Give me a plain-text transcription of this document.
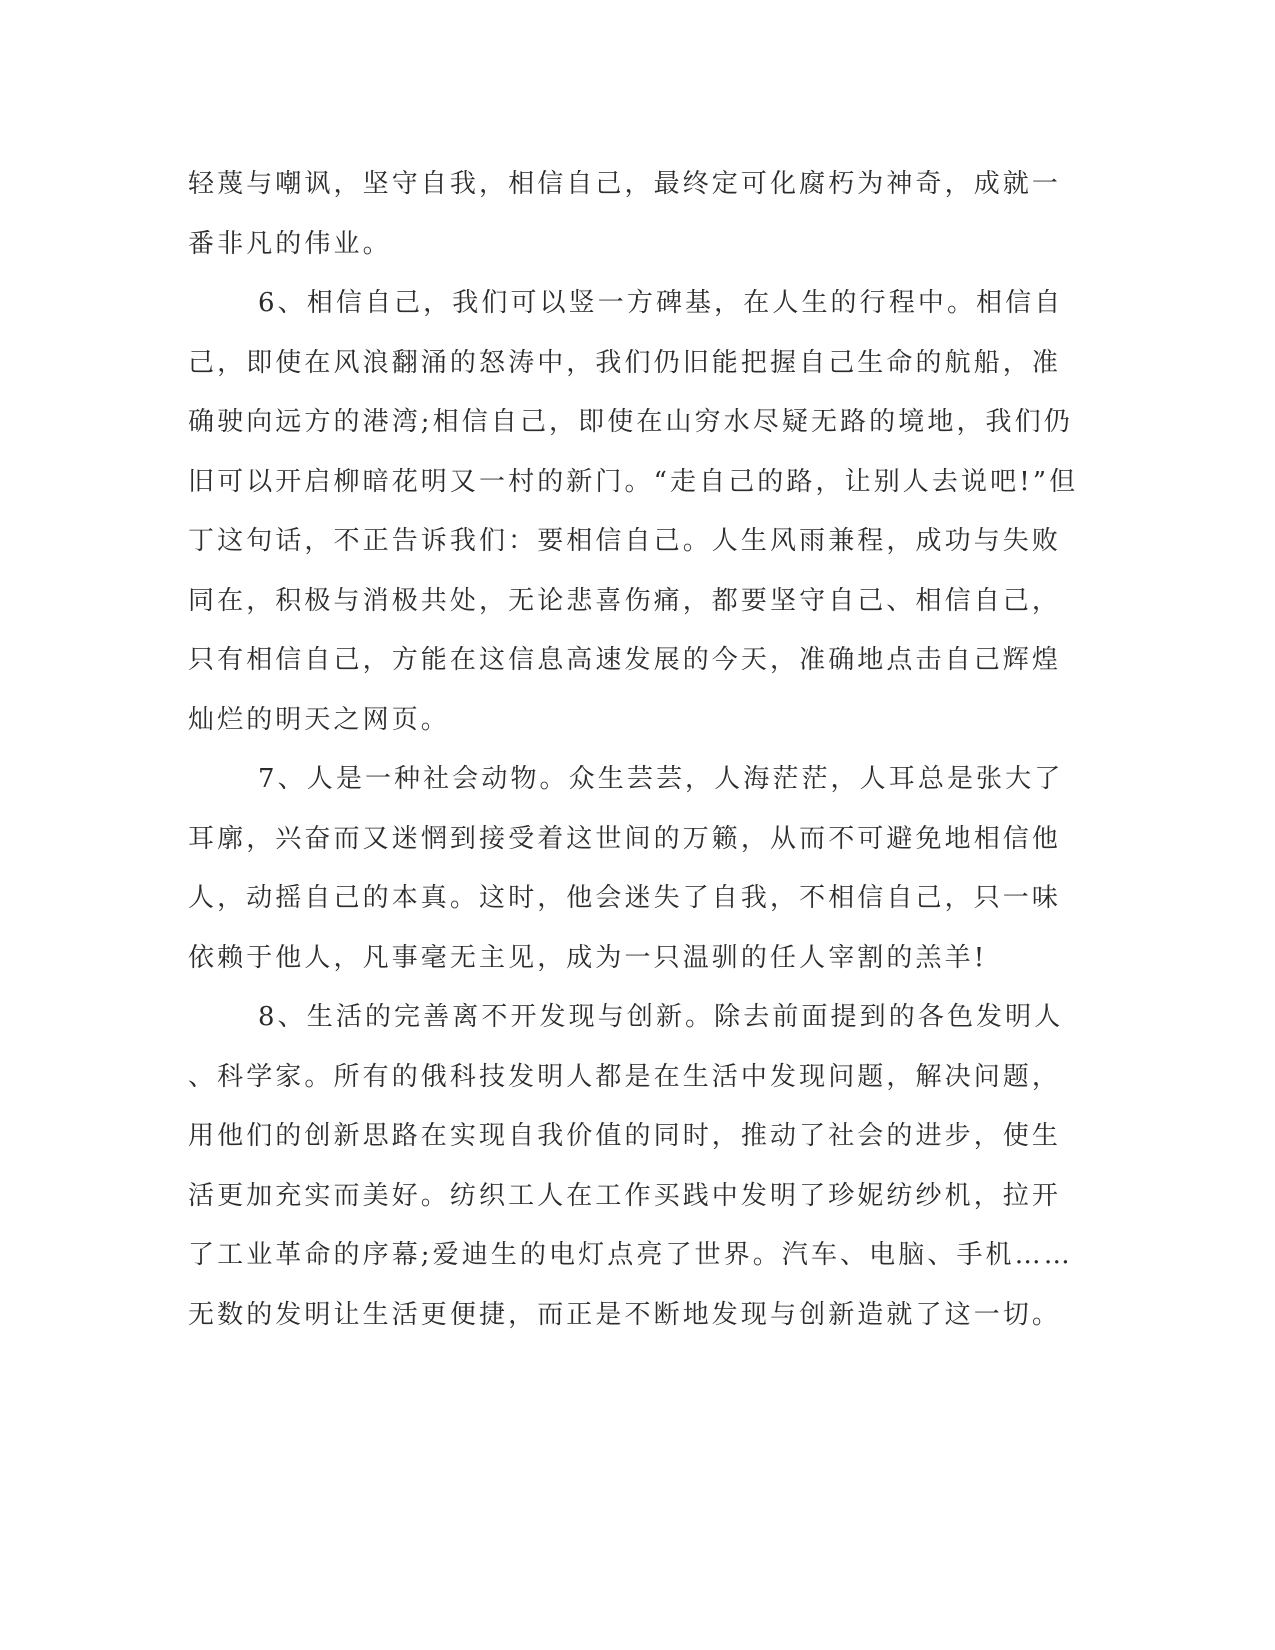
轻蔑与嘲讽，坚守自我，相信自己，最终定可化腐朽为神奇，成就一
番非凡的伟业。
6、相信自己，我们可以竖一方碑基，在人生的行程中。相信自
己，即使在风浪翻涌的怒涛中，我们仍旧能把握自己生命的航船，准
确驶向远方的港湾;相信自己，即使在山穷水尽疑无路的境地，我们仍
旧可以开启柳暗花明又一村的新门。“走自己的路，让别人去说吧!”但
丁这句话，不正告诉我们：要相信自己。人生风雨兼程，成功与失败
同在，积极与消极共处，无论悲喜伤痛，都要坚守自己、相信自己，
只有相信自己，方能在这信息高速发展的今天，准确地点击自己辉煌
灿烂的明天之网页。
7、人是一种社会动物。众生芸芸，人海茫茫，人耳总是张大了
耳廓，兴奋而又迷惘到接受着这世间的万籁，从而不可避免地相信他
人，动摇自己的本真。这时，他会迷失了自我，不相信自己，只一味
依赖于他人，凡事毫无主见，成为一只温驯的任人宰割的羔羊!
8、生活的完善离不开发现与创新。除去前面提到的各色发明人
、科学家。所有的俄科技发明人都是在生活中发现问题，解决问题，
用他们的创新思路在实现自我价值的同时，推动了社会的进步，使生
活更加充实而美好。纺织工人在工作买践中发明了珍妮纺纱机，拉开
了工业革命的序幕;爱迪生的电灯点亮了世界。汽车、电脑、手机……
无数的发明让生活更便捷，而正是不断地发现与创新造就了这一切。
